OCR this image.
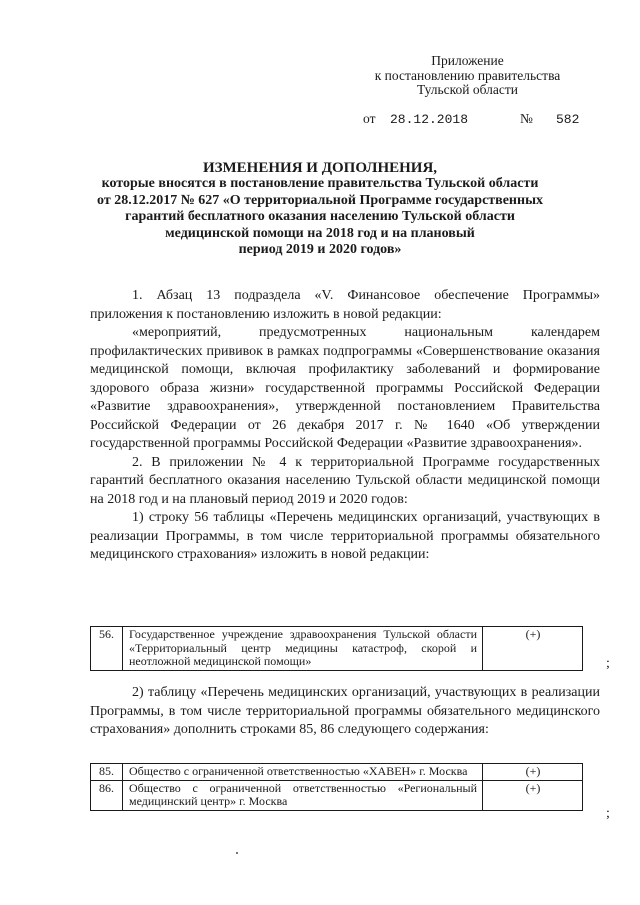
Приложение
к постановлению правительства
Тульской области
от 28.12.2018	№ 582
ИЗМЕНЕНИЯ И ДОПОЛНЕНИЯ,
которые вносятся в постановление правительства Тульской области
от 28.12.2017 № 627 «О территориальной Программе государственных
гарантий бесплатного оказания населению Тульской области
медицинской помощи на 2018 год и на плановый
период 2019 и 2020 годов»

1. Абзац 13 подраздела «V. Финансовое обеспечение Программы» приложения к постановлению изложить в новой редакции:

«мероприятий, предусмотренных национальным календарем профилактических прививок в рамках подпрограммы «Совершенствование оказания медицинской помощи, включая профилактику заболеваний и формирование здорового образа жизни» государственной программы Российской Федерации «Развитие здравоохранения», утвержденной постановлением Правительства Российской Федерации от 26 декабря 2017 г. № 1640 «Об утверждении государственной программы Российской Федерации «Развитие здравоохранения».

2. В приложении № 4 к территориальной Программе государственных гарантий бесплатного оказания населению Тульской области медицинской помощи на 2018 год и на плановый период 2019 и 2020 годов:

1) строку 56 таблицы «Перечень медицинских организаций, участвующих в реализации Программы, в том числе территориальной программы обязательного медицинского страхования» изложить в новой редакции:

56.	Государственное учреждение здравоохранения Тульской области «Территориальный центр медицины катастроф, скорой и неотложной медицинской помощи»	(+)
;

2) таблицу «Перечень медицинских организаций, участвующих в реализации Программы, в том числе территориальной программы обязательного медицинского страхования» дополнить строками 85, 86 следующего содержания:

85.	Общество с ограниченной ответственностью «ХАВЕН» г. Москва	(+)
86.	Общество с ограниченной ответственностью «Региональный медицинский центр» г. Москва	(+)
;
